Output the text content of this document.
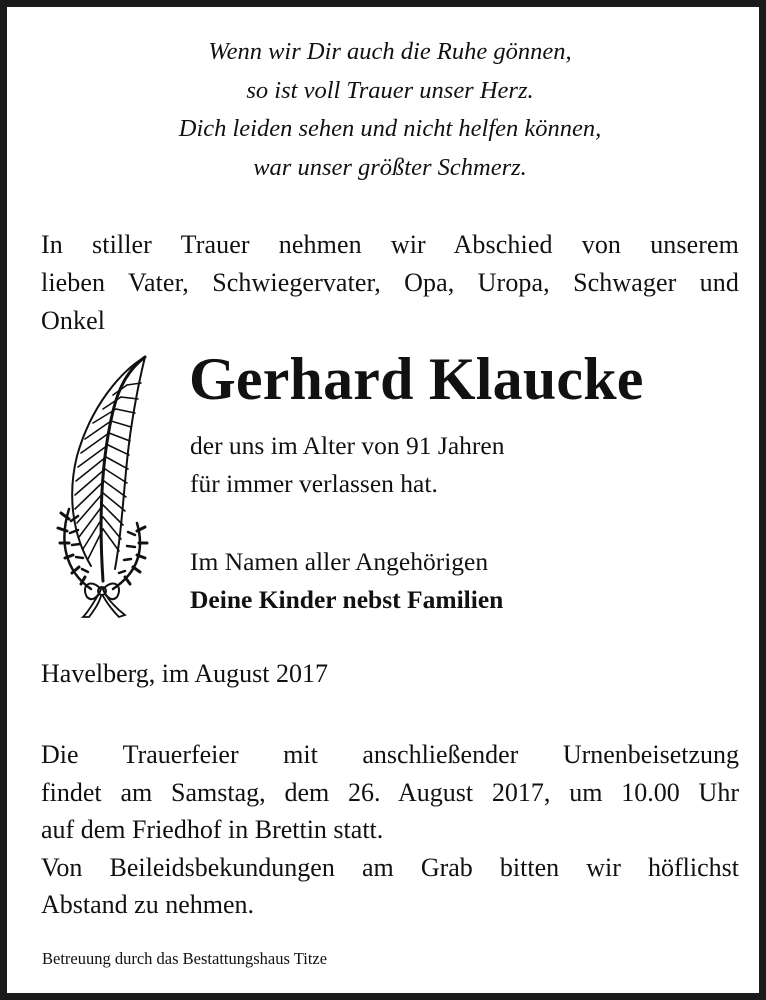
Wenn wir Dir auch die Ruhe gönnen,
so ist voll Trauer unser Herz.
Dich leiden sehen und nicht helfen können,
war unser größter Schmerz.
In stiller Trauer nehmen wir Abschied von unserem
lieben Vater, Schwiegervater, Opa, Uropa, Schwager und
Onkel
Gerhard Klaucke
der uns im Alter von 91 Jahren
für immer verlassen hat.
Im Namen aller Angehörigen
Deine Kinder nebst Familien
Havelberg, im August 2017
Die Trauerfeier mit anschließender Urnenbeisetzung
findet am Samstag, dem 26. August 2017, um 10.00 Uhr
auf dem Friedhof in Brettin statt.
Von Beileidsbekundungen am Grab bitten wir höflichst
Abstand zu nehmen.
Betreuung durch das Bestattungshaus Titze
